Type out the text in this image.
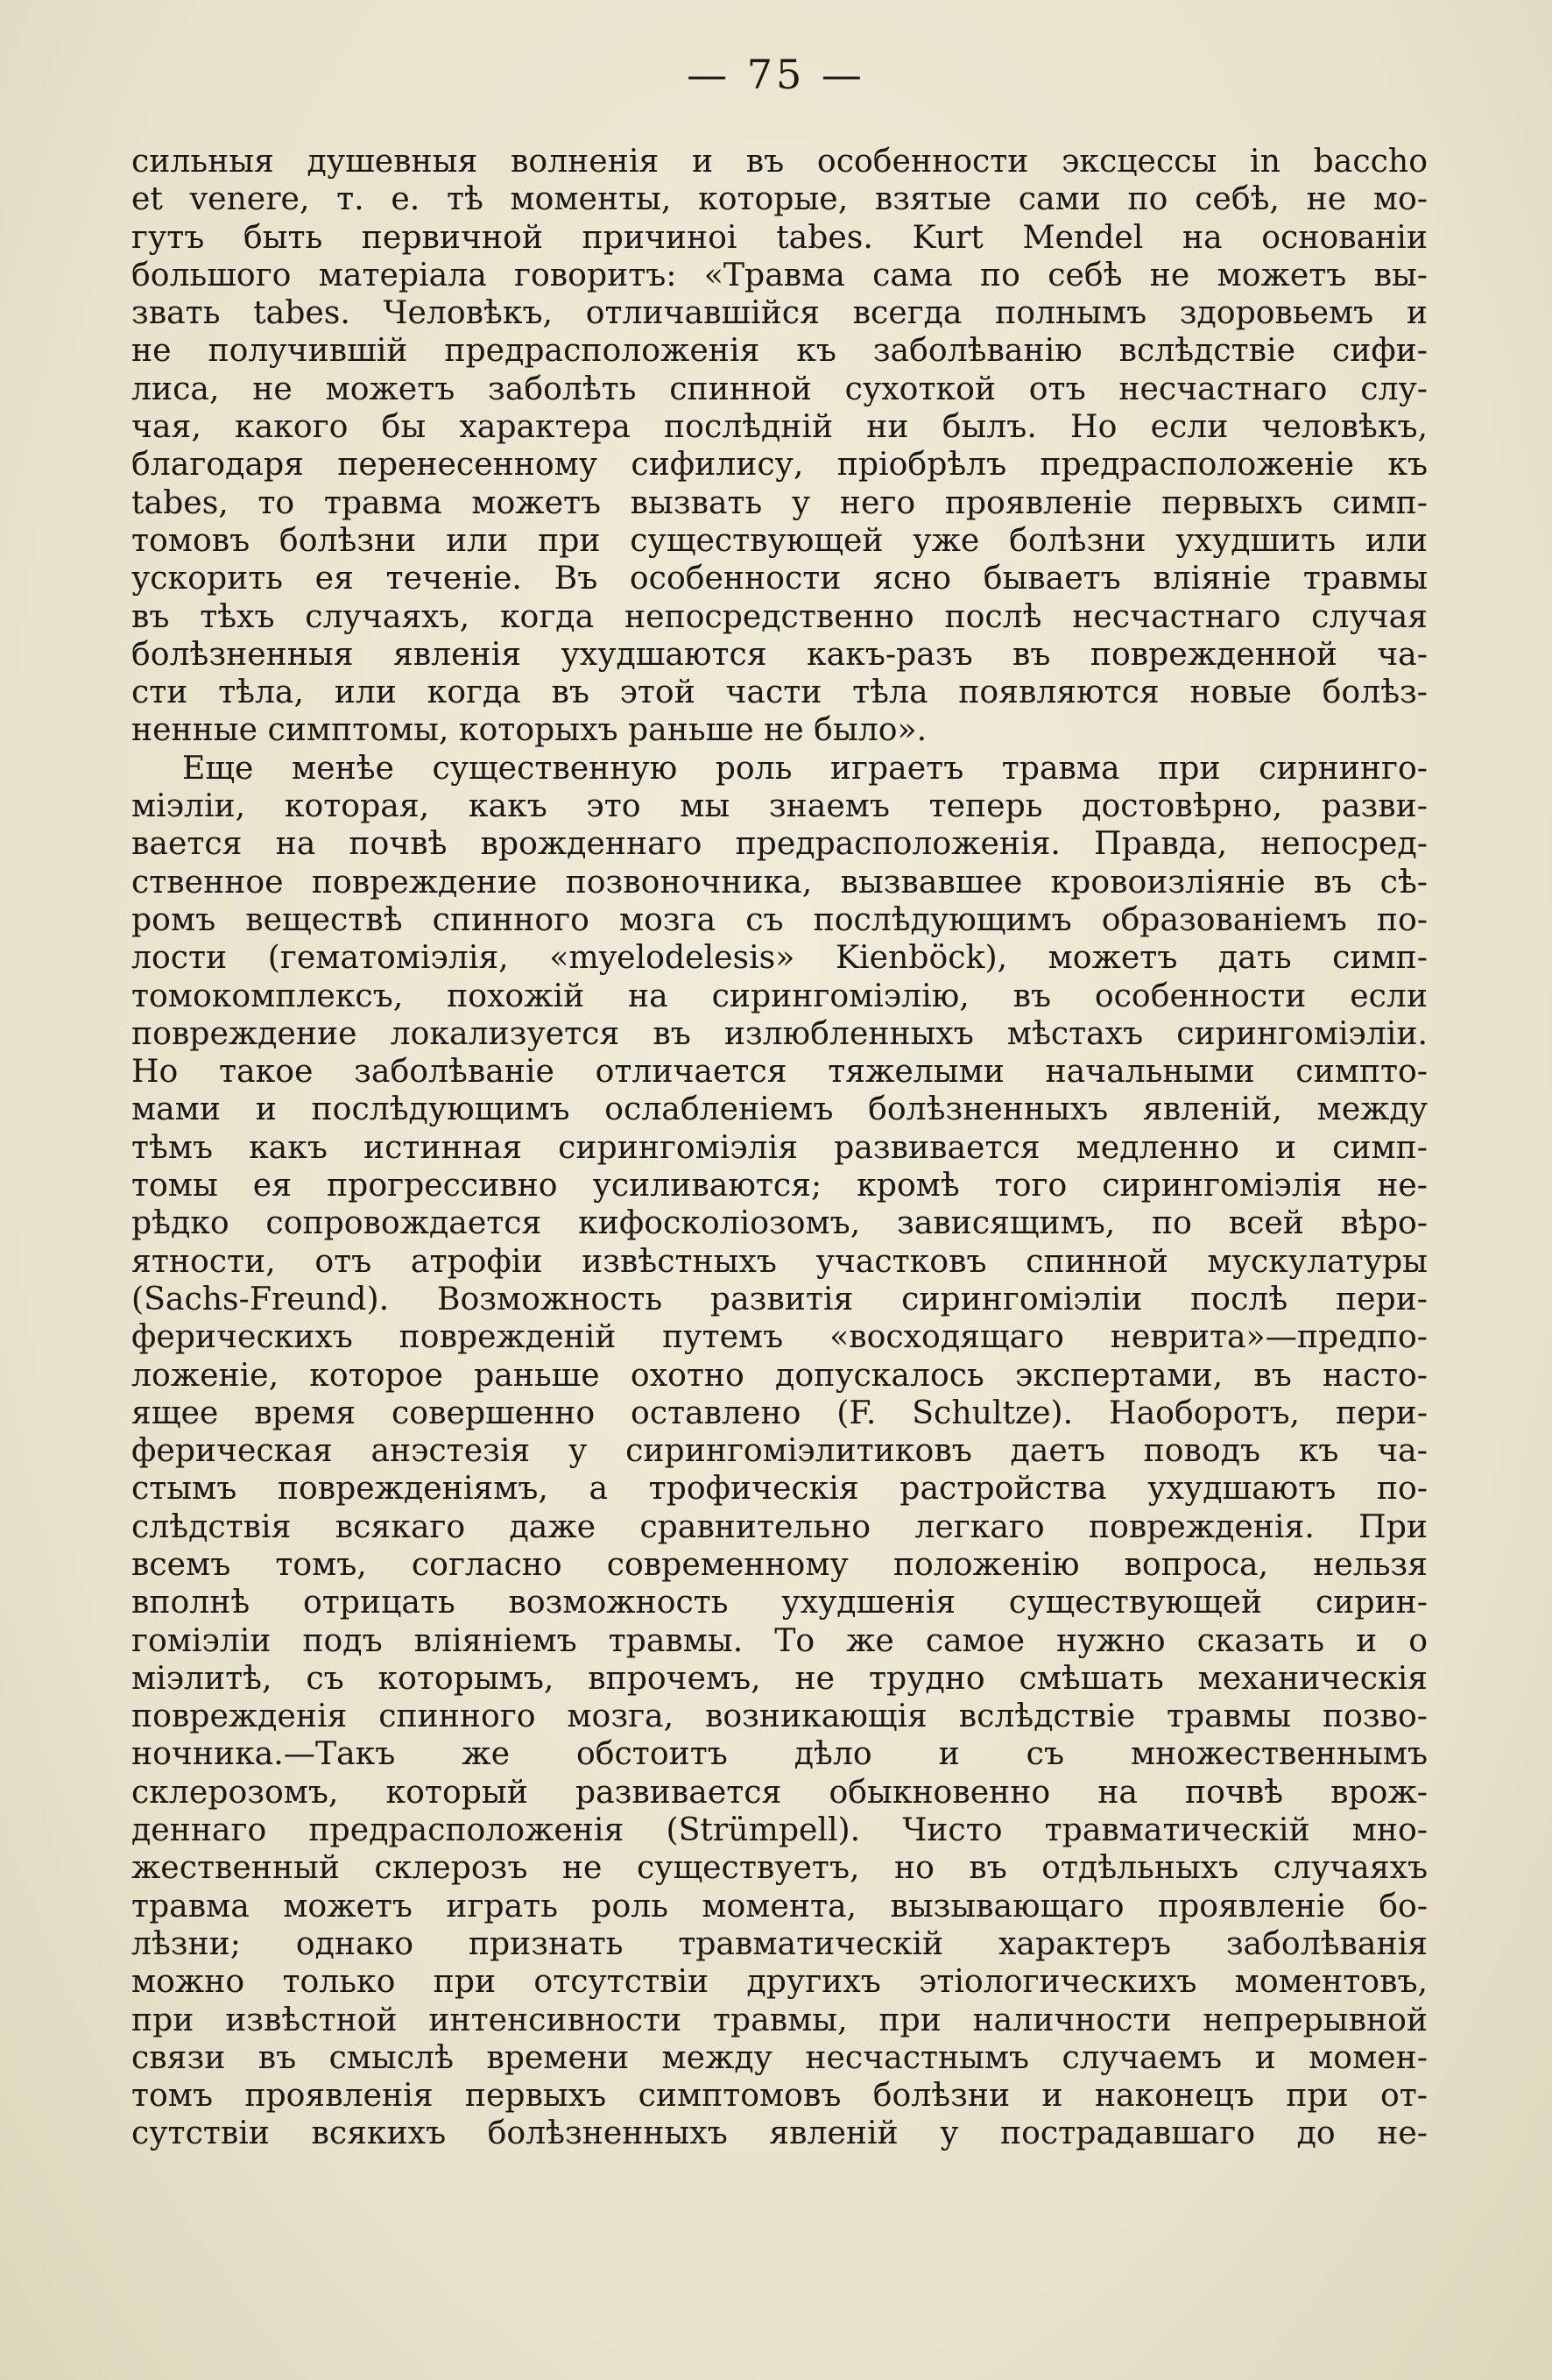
— 75 —
сильныя душевныя волненія и въ особенности эксцессы in baccho
et venere, т. е. тѣ моменты, которые, взятые сами по себѣ, не мо-
гутъ быть первичной причиноі tabes. Kurt Mendel на основаніи
большого матеріала говоритъ: «Травма сама по себѣ не можетъ вы-
звать tabes. Человѣкъ, отличавшійся всегда полнымъ здоровьемъ и
не получившій предрасположенія къ заболѣванію вслѣдствіе сифи-
лиса, не можетъ заболѣть спинной сухоткой отъ несчастнаго слу-
чая, какого бы характера послѣдній ни былъ. Но если человѣкъ,
благодаря перенесенному сифилису, пріобрѣлъ предрасположеніе къ
tabes, то травма можетъ вызвать у него проявленіе первыхъ симп-
томовъ болѣзни или при существующей уже болѣзни ухудшить или
ускорить ея теченіе. Въ особенности ясно бываетъ вліяніе травмы
въ тѣхъ случаяхъ, когда непосредственно послѣ несчастнаго случая
болѣзненныя явленія ухудшаются какъ-разъ въ поврежденной ча-
сти тѣла, или когда въ этой части тѣла появляются новые болѣз-
ненные симптомы, которыхъ раньше не было».
Еще менѣе существенную роль играетъ травма при сирнинго-
міэліи, которая, какъ это мы знаемъ теперь достовѣрно, разви-
вается на почвѣ врожденнаго предрасположенія. Правда, непосред-
ственное повреждение позвоночника, вызвавшее кровоизліяніе въ сѣ-
ромъ веществѣ спинного мозга съ послѣдующимъ образованіемъ по-
лости (гематоміэлія, «myelodelesis» Kienböck), можетъ дать симп-
томокомплексъ, похожій на сирингоміэлію, въ особенности если
повреждение локализуется въ излюбленныхъ мѣстахъ сирингоміэліи.
Но такое заболѣваніе отличается тяжелыми начальными симпто-
мами и послѣдующимъ ослабленіемъ болѣзненныхъ явленій, между
тѣмъ какъ истинная сирингоміэлія развивается медленно и симп-
томы ея прогрессивно усиливаются; кромѣ того сирингоміэлія не-
рѣдко сопровождается кифосколіозомъ, зависящимъ, по всей вѣро-
ятности, отъ атрофіи извѣстныхъ участковъ спинной мускулатуры
(Sachs-Freund). Возможность развитія сирингоміэліи послѣ пери-
ферическихъ поврежденій путемъ «восходящаго неврита»—предпо-
ложеніе, которое раньше охотно допускалось экспертами, въ насто-
ящее время совершенно оставлено (F. Schultze). Наоборотъ, пери-
ферическая анэстезія у сирингоміэлитиковъ даетъ поводъ къ ча-
стымъ поврежденіямъ, а трофическія растройства ухудшаютъ по-
слѣдствія всякаго даже сравнительно легкаго поврежденія. При
всемъ томъ, согласно современному положенію вопроса, нельзя
вполнѣ отрицать возможность ухудшенія существующей сирин-
гоміэліи подъ вліяніемъ травмы. То же самое нужно сказать и о
міэлитѣ, съ которымъ, впрочемъ, не трудно смѣшать механическія
поврежденія спинного мозга, возникающія вслѣдствіе травмы позво-
ночника.—Такъ же обстоитъ дѣло и съ множественнымъ
склерозомъ, который развивается обыкновенно на почвѣ врож-
деннаго предрасположенія (Strümpell). Чисто травматическій мно-
жественный склерозъ не существуетъ, но въ отдѣльныхъ случаяхъ
травма можетъ играть роль момента, вызывающаго проявленіе бо-
лѣзни; однако признать травматическій характеръ заболѣванія
можно только при отсутствіи другихъ этіологическихъ моментовъ,
при извѣстной интенсивности травмы, при наличности непрерывной
связи въ смыслѣ времени между несчастнымъ случаемъ и момен-
томъ проявленія первыхъ симптомовъ болѣзни и наконецъ при от-
сутствіи всякихъ болѣзненныхъ явленій у пострадавшаго до не-
